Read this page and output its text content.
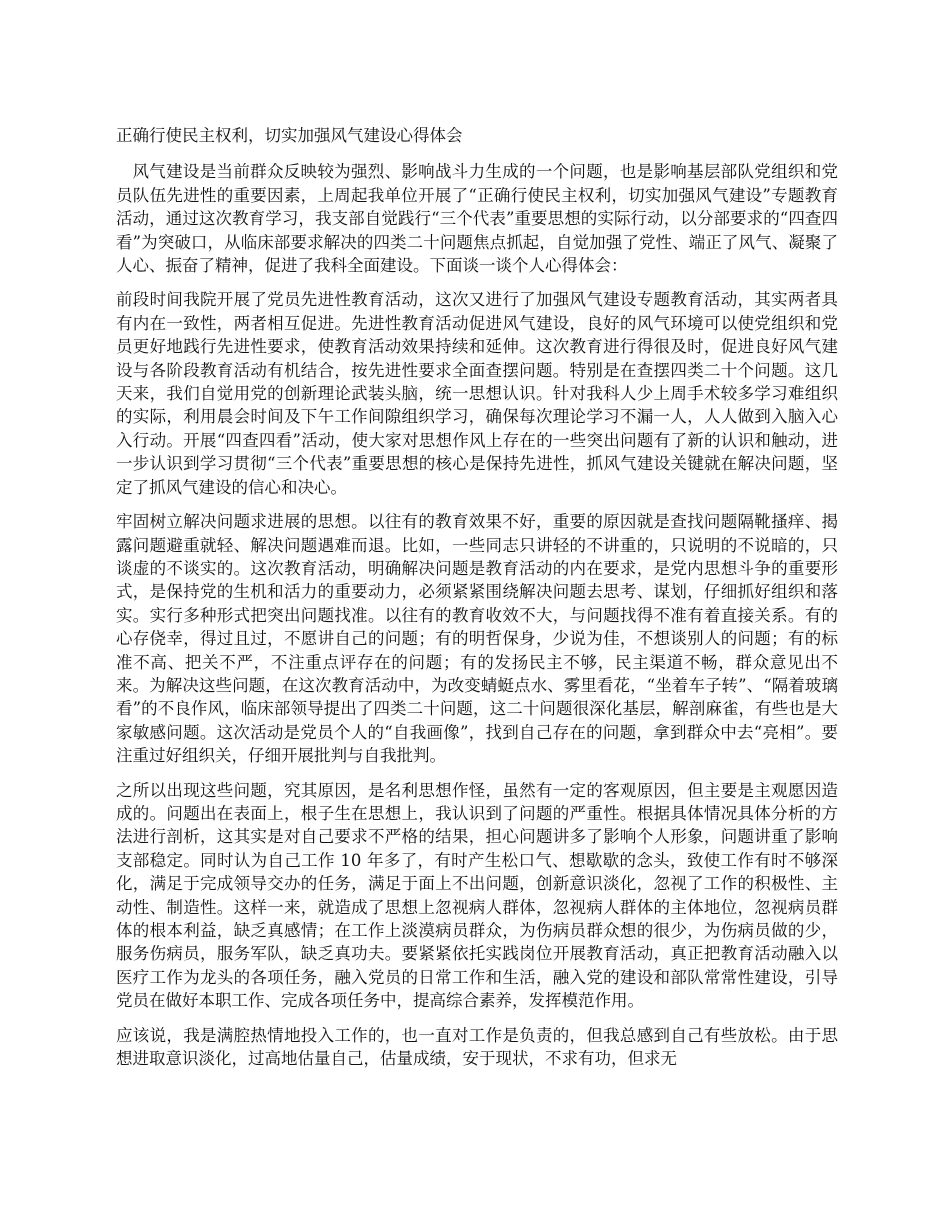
正确行使民主权利，切实加强风气建设心得体会

风气建设是当前群众反映较为强烈、影响战斗力生成的一个问题，也是影响基层部队党组织和党员队伍先进性的重要因素，上周起我单位开展了“正确行使民主权利，切实加强风气建设”专题教育活动，通过这次教育学习，我支部自觉践行“三个代表”重要思想的实际行动，以分部要求的“四查四看”为突破口，从临床部要求解决的四类二十问题焦点抓起，自觉加强了党性、端正了风气、凝聚了人心、振奋了精神，促进了我科全面建设。下面谈一谈个人心得体会：

前段时间我院开展了党员先进性教育活动，这次又进行了加强风气建设专题教育活动，其实两者具有内在一致性，两者相互促进。先进性教育活动促进风气建设，良好的风气环境可以使党组织和党员更好地践行先进性要求，使教育活动效果持续和延伸。这次教育进行得很及时，促进良好风气建设与各阶段教育活动有机结合，按先进性要求全面查摆问题。特别是在查摆四类二十个问题。这几天来，我们自觉用党的创新理论武装头脑，统一思想认识。针对我科人少上周手术较多学习难组织的实际，利用晨会时间及下午工作间隙组织学习，确保每次理论学习不漏一人，人人做到入脑入心入行动。开展“四查四看”活动，使大家对思想作风上存在的一些突出问题有了新的认识和触动，进一步认识到学习贯彻“三个代表”重要思想的核心是保持先进性，抓风气建设关键就在解决问题，坚定了抓风气建设的信心和决心。

牢固树立解决问题求进展的思想。以往有的教育效果不好，重要的原因就是查找问题隔靴搔痒、揭露问题避重就轻、解决问题遇难而退。比如，一些同志只讲轻的不讲重的，只说明的不说暗的，只谈虚的不谈实的。这次教育活动，明确解决问题是教育活动的内在要求，是党内思想斗争的重要形式，是保持党的生机和活力的重要动力，必须紧紧围绕解决问题去思考、谋划，仔细抓好组织和落实。实行多种形式把突出问题找准。以往有的教育收效不大，与问题找得不准有着直接关系。有的心存侥幸，得过且过，不愿讲自己的问题；有的明哲保身，少说为佳，不想谈别人的问题；有的标准不高、把关不严，不注重点评存在的问题；有的发扬民主不够，民主渠道不畅，群众意见出不来。为解决这些问题，在这次教育活动中，为改变蜻蜓点水、雾里看花，“坐着车子转”、“隔着玻璃看”的不良作风，临床部领导提出了四类二十问题，这二十问题很深化基层，解剖麻雀，有些也是大家敏感问题。这次活动是党员个人的“自我画像”，找到自己存在的问题，拿到群众中去“亮相”。要注重过好组织关，仔细开展批判与自我批判。

之所以出现这些问题，究其原因，是名利思想作怪，虽然有一定的客观原因，但主要是主观愿因造成的。问题出在表面上，根子生在思想上，我认识到了问题的严重性。根据具体情况具体分析的方法进行剖析，这其实是对自己要求不严格的结果，担心问题讲多了影响个人形象，问题讲重了影响支部稳定。同时认为自己工作 10 年多了，有时产生松口气、想歇歇的念头，致使工作有时不够深化，满足于完成领导交办的任务，满足于面上不出问题，创新意识淡化，忽视了工作的积极性、主动性、制造性。这样一来，就造成了思想上忽视病人群体，忽视病人群体的主体地位，忽视病员群体的根本利益，缺乏真感情；在工作上淡漠病员群众，为伤病员群众想的很少，为伤病员做的少，服务伤病员，服务军队，缺乏真功夫。要紧紧依托实践岗位开展教育活动，真正把教育活动融入以医疗工作为龙头的各项任务，融入党员的日常工作和生活，融入党的建设和部队常常性建设，引导党员在做好本职工作、完成各项任务中，提高综合素养，发挥模范作用。

应该说，我是满腔热情地投入工作的，也一直对工作是负责的，但我总感到自己有些放松。由于思想进取意识淡化，过高地估量自己，估量成绩，安于现状，不求有功，但求无
